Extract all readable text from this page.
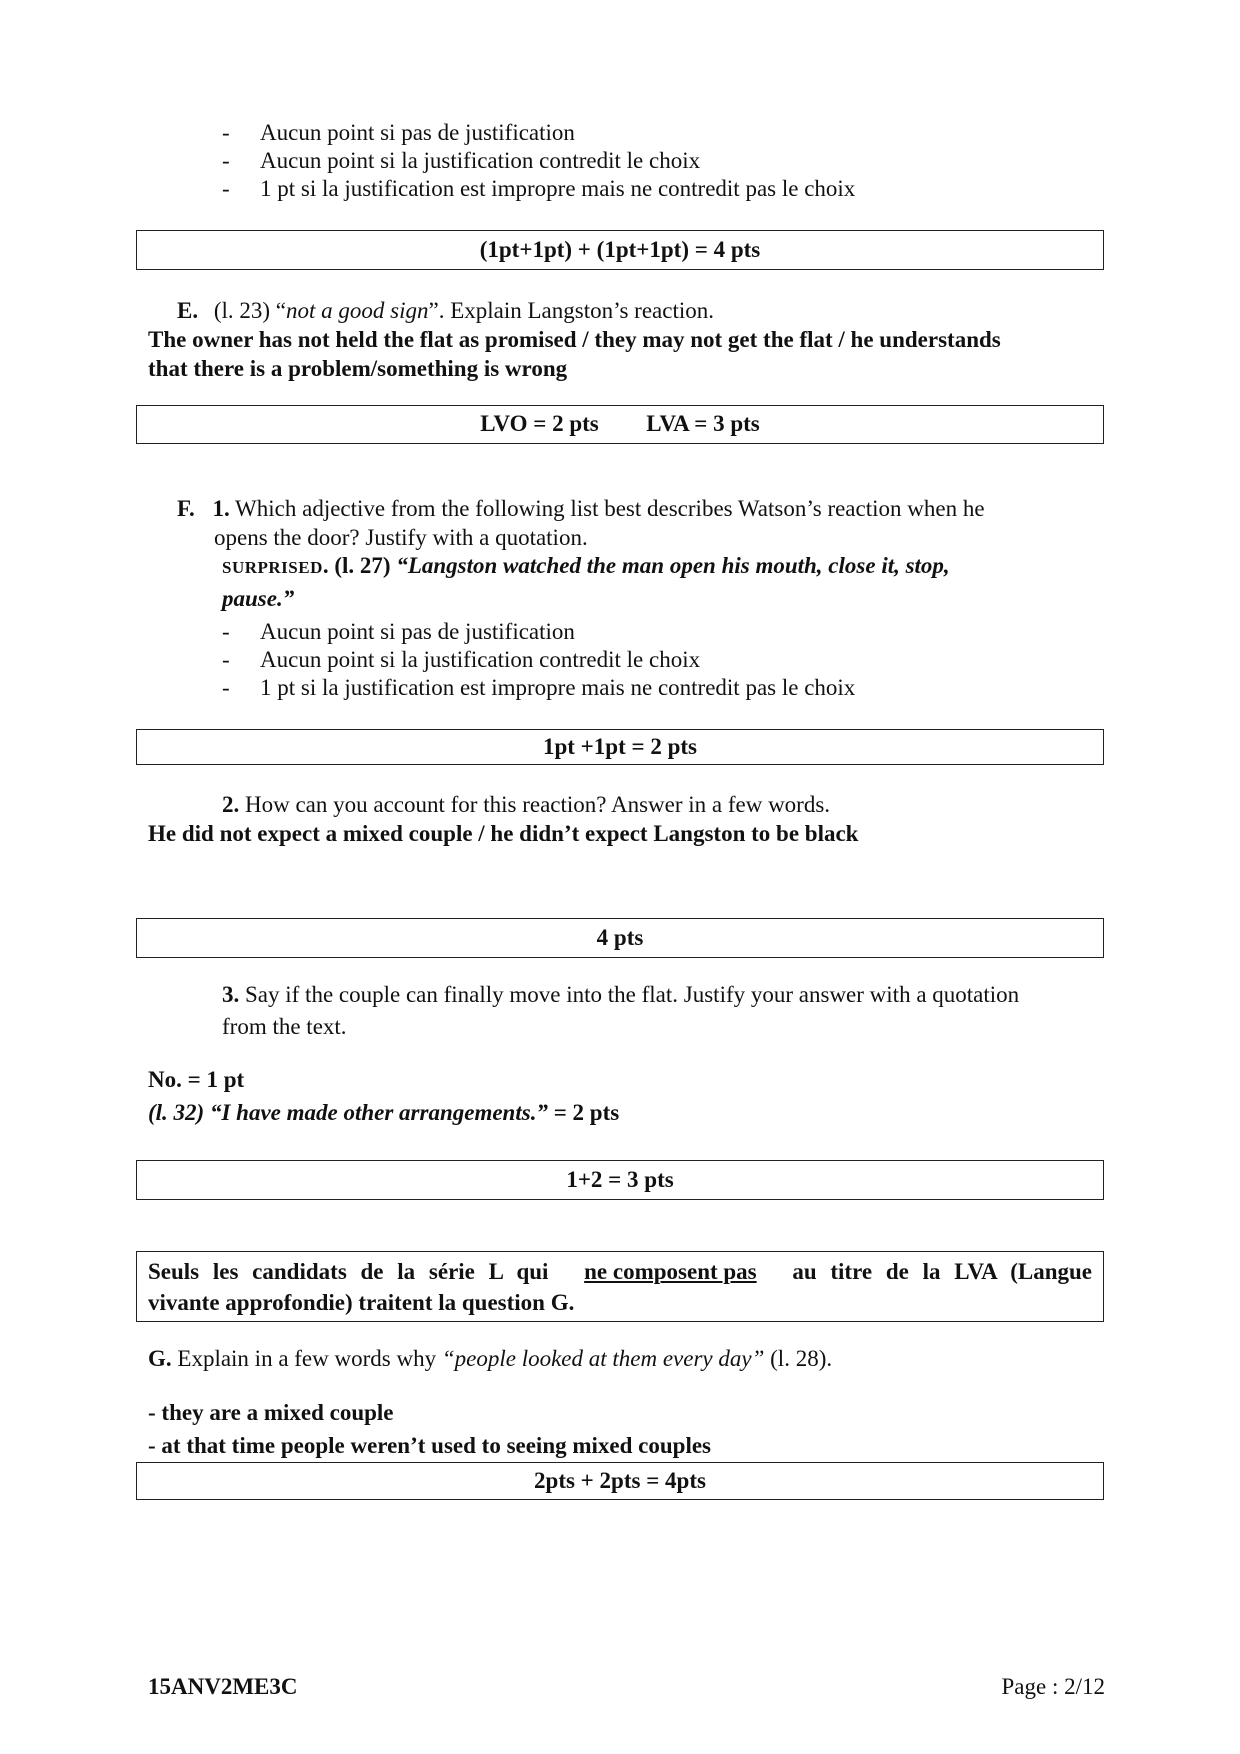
- Aucun point si pas de justification
- Aucun point si la justification contredit le choix
- 1 pt si la justification est impropre mais ne contredit pas le choix
(1pt+1pt) + (1pt+1pt) = 4 pts
E. (l. 23) “not a good sign”. Explain Langston’s reaction.
The owner has not held the flat as promised / they may not get the flat / he understands
that there is a problem/something is wrong
LVO = 2 pts LVA = 3 pts
F. 1. Which adjective from the following list best describes Watson’s reaction when he
opens the door? Justify with a quotation.
SURPRISED. (l. 27) “Langston watched the man open his mouth, close it, stop,
pause.”
- Aucun point si pas de justification
- Aucun point si la justification contredit le choix
- 1 pt si la justification est impropre mais ne contredit pas le choix
1pt +1pt = 2 pts
2. How can you account for this reaction? Answer in a few words.
He did not expect a mixed couple / he didn’t expect Langston to be black
4 pts
3. Say if the couple can finally move into the flat. Justify your answer with a quotation
from the text.
No. = 1 pt
(l. 32) “I have made other arrangements.” = 2 pts
1+2 = 3 pts
Seuls les candidats de la série L qui ne composent pas au titre de la LVA (Langue
vivante approfondie) traitent la question G.
G. Explain in a few words why “people looked at them every day” (l. 28).
- they are a mixed couple
- at that time people weren’t used to seeing mixed couples
2pts + 2pts = 4pts
15ANV2ME3C	Page : 2/12
